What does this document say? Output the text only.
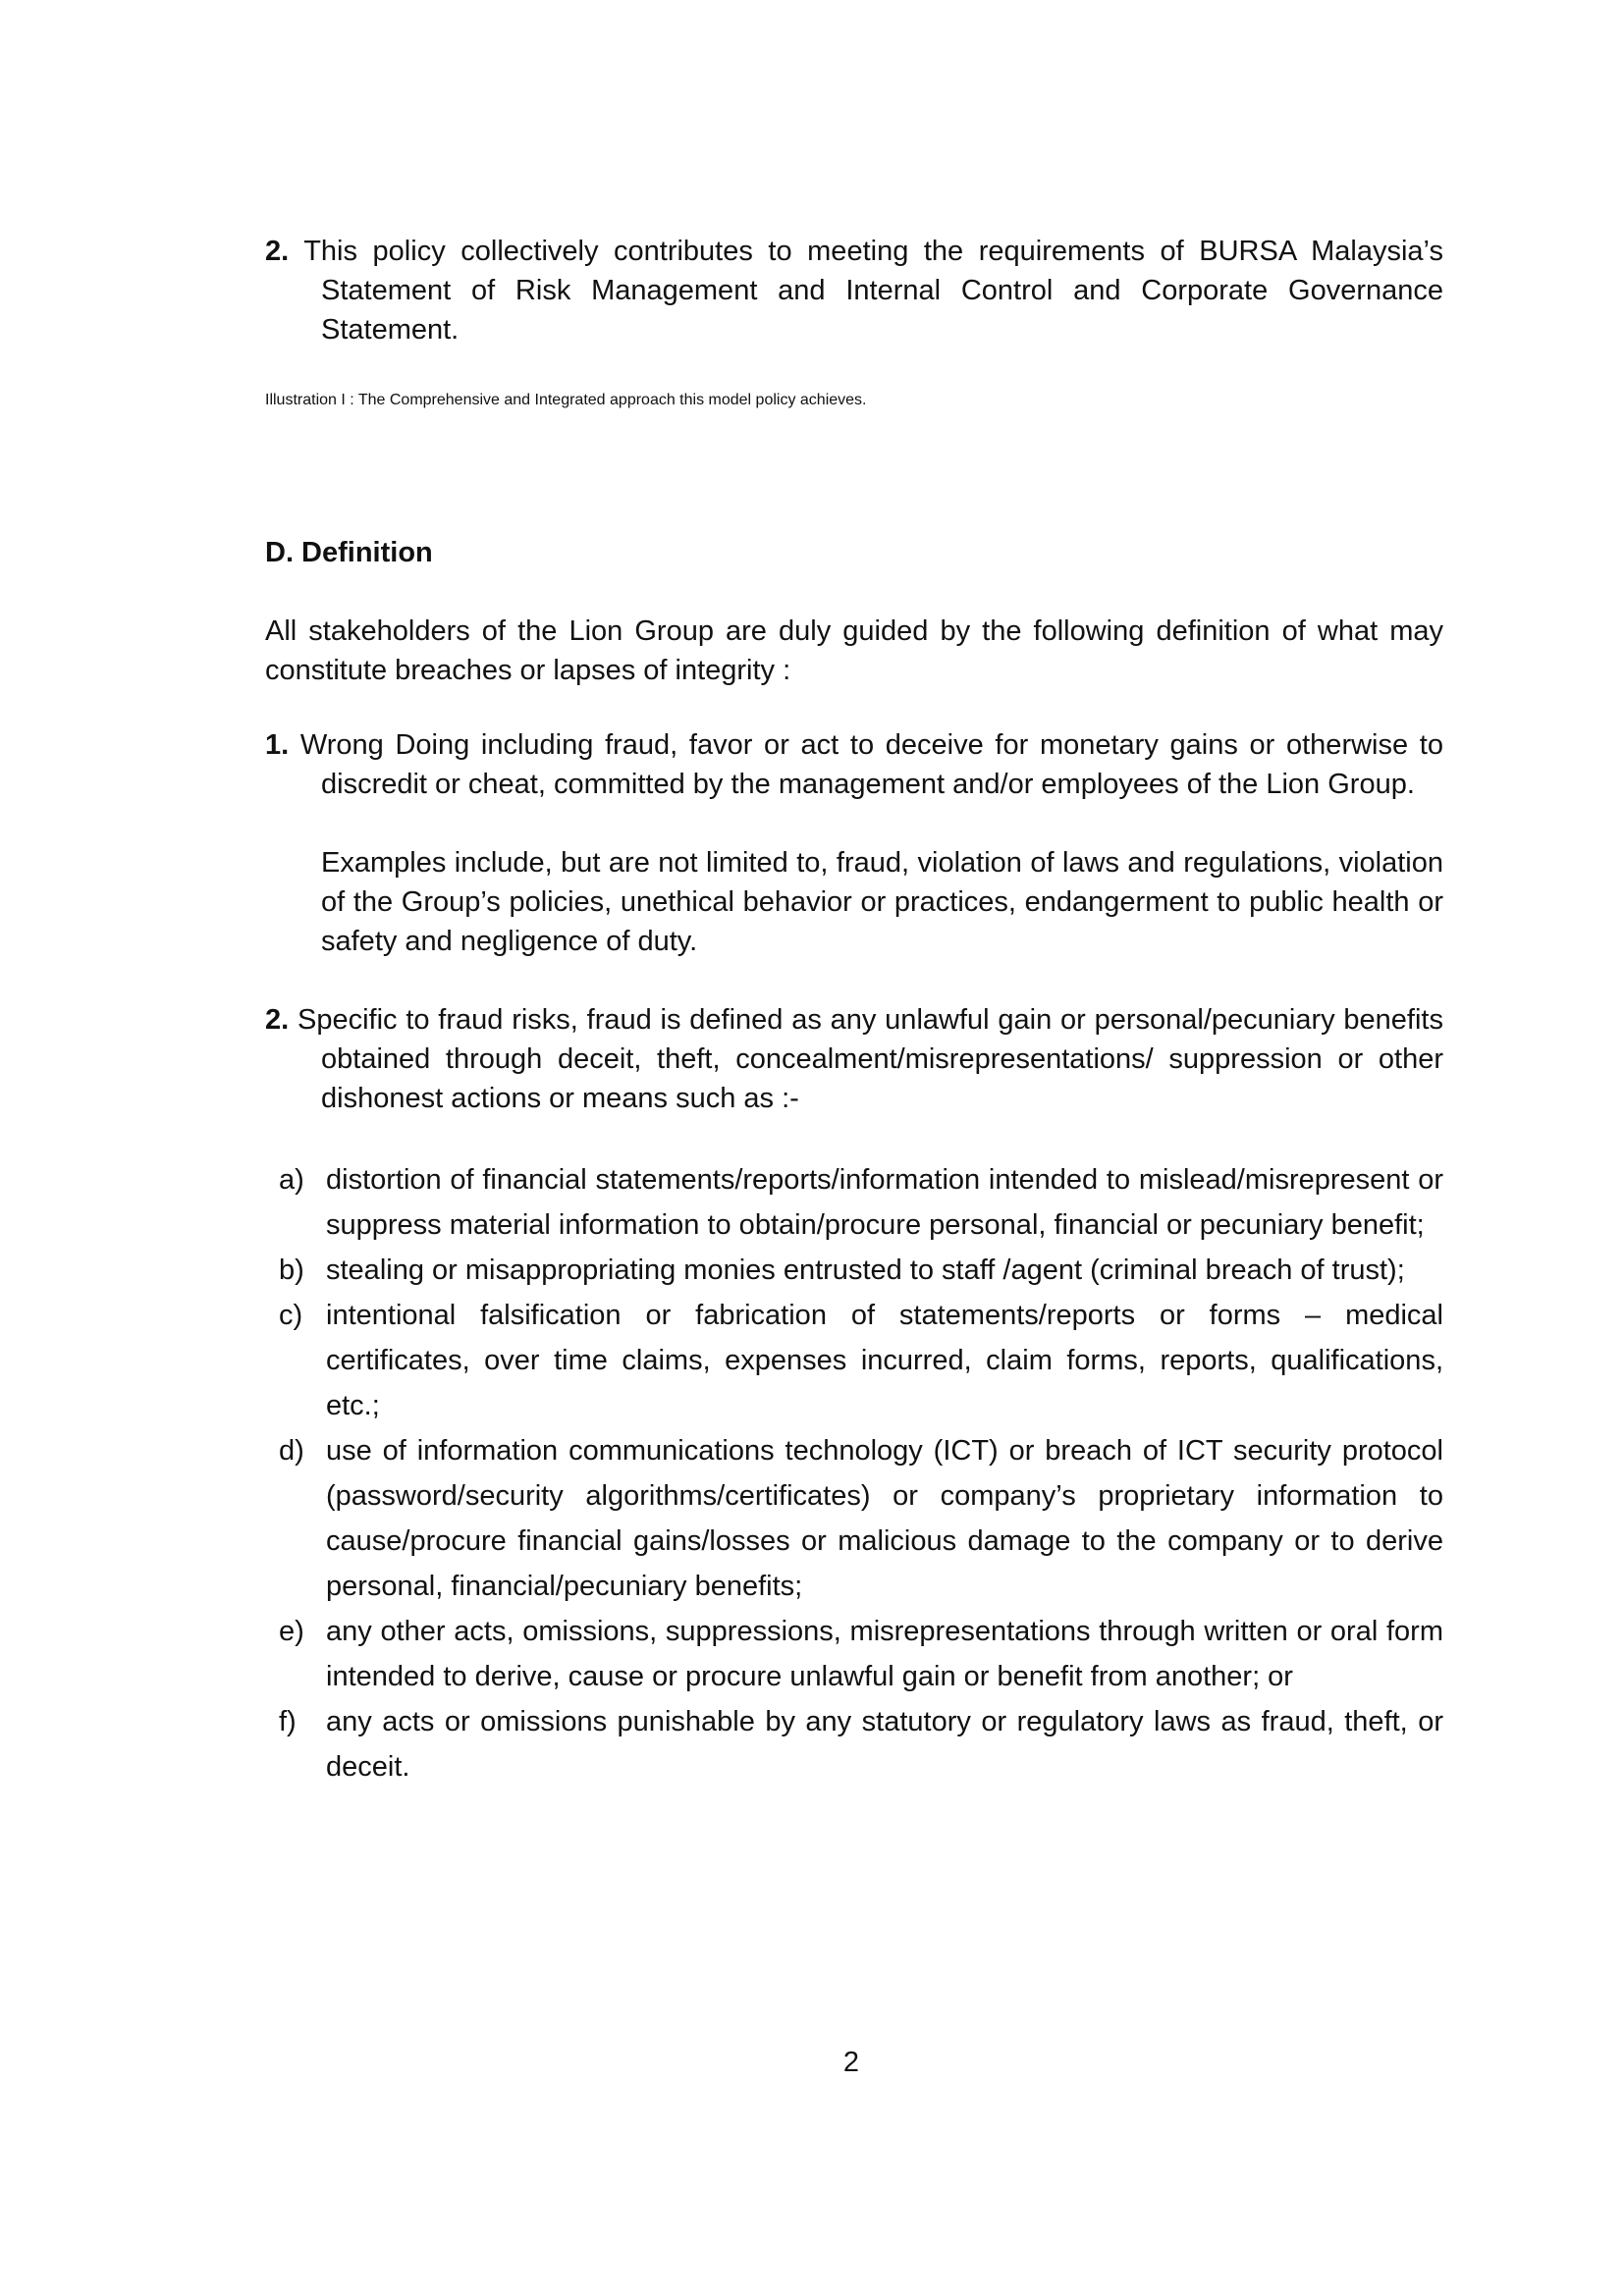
2. This policy collectively contributes to meeting the requirements of BURSA Malaysia’s Statement of Risk Management and Internal Control and Corporate Governance Statement.

Illustration I : The Comprehensive and Integrated approach this model policy achieves.

D. Definition

All stakeholders of the Lion Group are duly guided by the following definition of what may constitute breaches or lapses of integrity :

1. Wrong Doing including fraud, favor or act to deceive for monetary gains or otherwise to discredit or cheat, committed by the management and/or employees of the Lion Group.

Examples include, but are not limited to, fraud, violation of laws and regulations, violation of the Group’s policies, unethical behavior or practices, endangerment to public health or safety and negligence of duty.

2. Specific to fraud risks, fraud is defined as any unlawful gain or personal/pecuniary benefits obtained through deceit, theft, concealment/misrepresentations/ suppression or other dishonest actions or means such as :-

a) distortion of financial statements/reports/information intended to mislead/misrepresent or suppress material information to obtain/procure personal, financial or pecuniary benefit;
b) stealing or misappropriating monies entrusted to staff /agent (criminal breach of trust);
c) intentional falsification or fabrication of statements/reports or forms – medical certificates, over time claims, expenses incurred, claim forms, reports, qualifications, etc.;
d) use of information communications technology (ICT) or breach of ICT security protocol (password/security algorithms/certificates) or company’s proprietary information to cause/procure financial gains/losses or malicious damage to the company or to derive personal, financial/pecuniary benefits;
e) any other acts, omissions, suppressions, misrepresentations through written or oral form intended to derive, cause or procure unlawful gain or benefit from another; or
f) any acts or omissions punishable by any statutory or regulatory laws as fraud, theft, or deceit.
2
